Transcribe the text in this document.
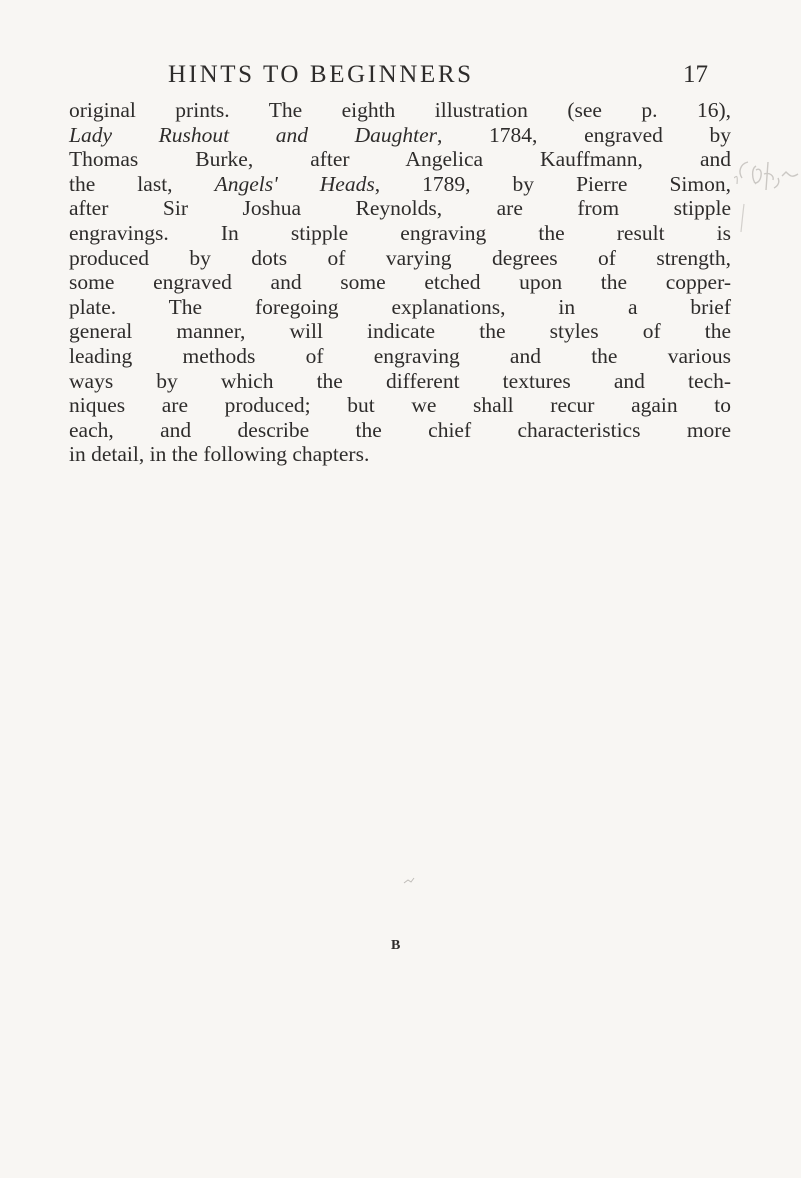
HINTS TO BEGINNERS	17
original prints. The eighth illustration (see p. 16),
Lady Rushout and Daughter, 1784, engraved by
Thomas Burke, after Angelica Kauffmann, and
the last, Angels' Heads, 1789, by Pierre Simon,
after Sir Joshua Reynolds, are from stipple
engravings. In stipple engraving the result is
produced by dots of varying degrees of strength,
some engraved and some etched upon the copper-
plate. The foregoing explanations, in a brief
general manner, will indicate the styles of the
leading methods of engraving and the various
ways by which the different textures and tech-
niques are produced; but we shall recur again to
each, and describe the chief characteristics more
in detail, in the following chapters.
B
